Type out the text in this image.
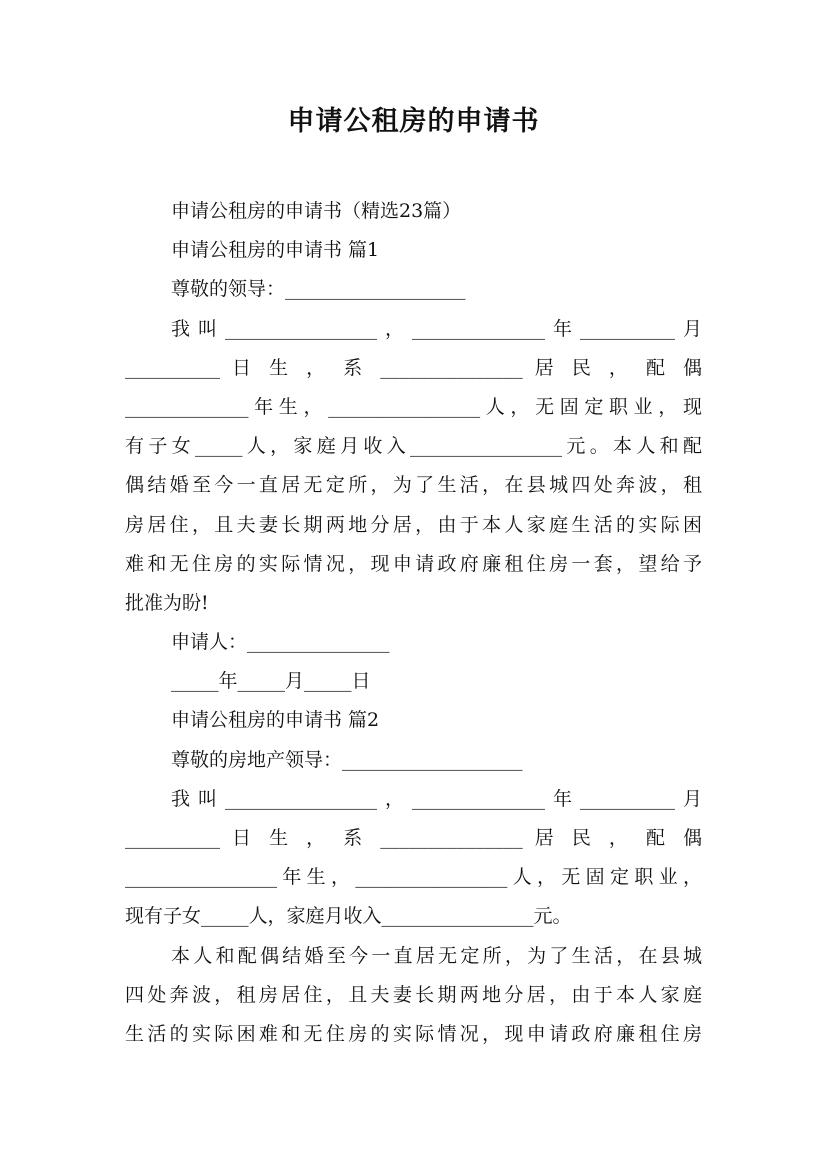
申请公租房的申请书
申请公租房的申请书（精选23篇）
申请公租房的申请书 篇1
尊敬的领导：___________________
我叫________________，______________年__________月
__________ 日 生 ， 系 _______________ 居 民 ， 配 偶
_____________年生，________________人，无固定职业，现
有子女_____人，家庭月收入________________元。本人和配
偶结婚至今一直居无定所，为了生活，在县城四处奔波，租
房居住，且夫妻长期两地分居，由于本人家庭生活的实际困
难和无住房的实际情况，现申请政府廉租住房一套，望给予
批准为盼!
申请人：_______________
_____年_____月_____日
申请公租房的申请书 篇2
尊敬的房地产领导：___________________
我叫________________，______________年__________月
__________ 日 生 ， 系 _______________ 居 民 ， 配 偶
________________年生，________________人，无固定职业，
现有子女_____人，家庭月收入________________元。
本人和配偶结婚至今一直居无定所，为了生活，在县城
四处奔波，租房居住，且夫妻长期两地分居，由于本人家庭
生活的实际困难和无住房的实际情况，现申请政府廉租住房
